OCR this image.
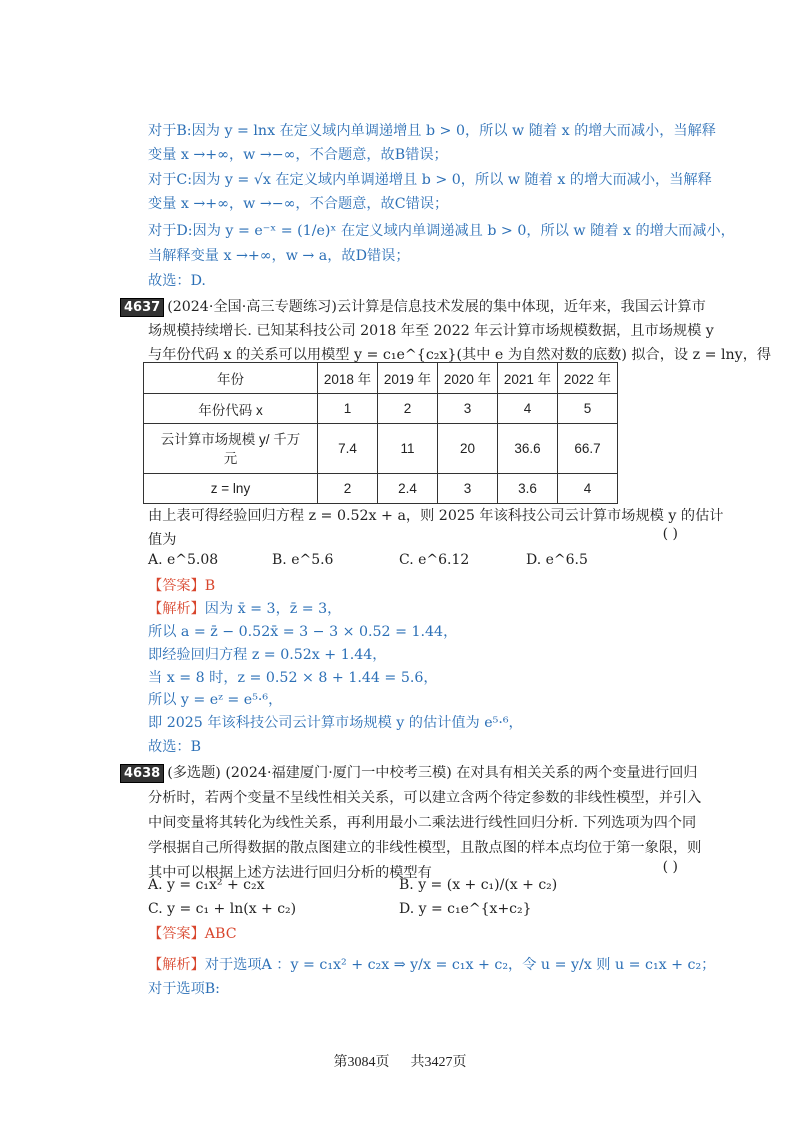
对于B:因为 y = lnx 在定义域内单调递增且 b > 0，所以 w 随着 x 的增大而减小，当解释
变量 x →+∞，w →−∞，不合题意，故B错误；
对于C:因为 y = √x 在定义域内单调递增且 b > 0，所以 w 随着 x 的增大而减小，当解释
变量 x →+∞，w →−∞，不合题意，故C错误；
对于D:因为 y = e⁻ˣ = (1/e)ˣ 在定义域内单调递减且 b > 0，所以 w 随着 x 的增大而减小，
当解释变量 x →+∞，w → a，故D错误；
故选：D.
4637 (2024·全国·高三专题练习)云计算是信息技术发展的集中体现，近年来，我国云计算市
场规模持续增长. 已知某科技公司 2018 年至 2022 年云计算市场规模数据，且市场规模 y
与年份代码 x 的关系可以用模型 y = c₁e^{c₂x}(其中 e 为自然对数的底数) 拟合，设 z = lny，得
年份	2018 年	2019 年	2020 年	2021 年	2022 年
年份代码 x	1	2	3	4	5

云计算市场规模 y/ 千万
元	7.4	11	20	36.6	66.7
z = lny	2	2.4	3	3.6	4
由上表可得经验回归方程 z = 0.52x + a，则 2025 年该科技公司云计算市场规模 y 的估计
值为	( )
A. e^5.08	B. e^5.6	C. e^6.12	D. e^6.5
【答案】B
【解析】因为 x̄ = 3，z̄ = 3，
所以 a = z̄ − 0.52x̄ = 3 − 3 × 0.52 = 1.44，
即经验回归方程 z = 0.52x + 1.44，
当 x = 8 时，z = 0.52 × 8 + 1.44 = 5.6，
所以 y = eᶻ = e⁵·⁶，
即 2025 年该科技公司云计算市场规模 y 的估计值为 e⁵·⁶，
故选：B
4638 (多选题) (2024·福建厦门·厦门一中校考三模) 在对具有相关关系的两个变量进行回归
分析时，若两个变量不呈线性相关关系，可以建立含两个待定参数的非线性模型，并引入
中间变量将其转化为线性关系，再利用最小二乘法进行线性回归分析. 下列选项为四个同
学根据自己所得数据的散点图建立的非线性模型，且散点图的样本点均位于第一象限，则
其中可以根据上述方法进行回归分析的模型有	( )
A. y = c₁x² + c₂x	B. y = (x + c₁)/(x + c₂)
C. y = c₁ + ln(x + c₂)	D. y = c₁e^{x+c₂}
【答案】ABC
【解析】对于选项A ：y = c₁x² + c₂x ⇒ y/x = c₁x + c₂，令 u = y/x 则 u = c₁x + c₂；
对于选项B:
第3084页 共3427页
